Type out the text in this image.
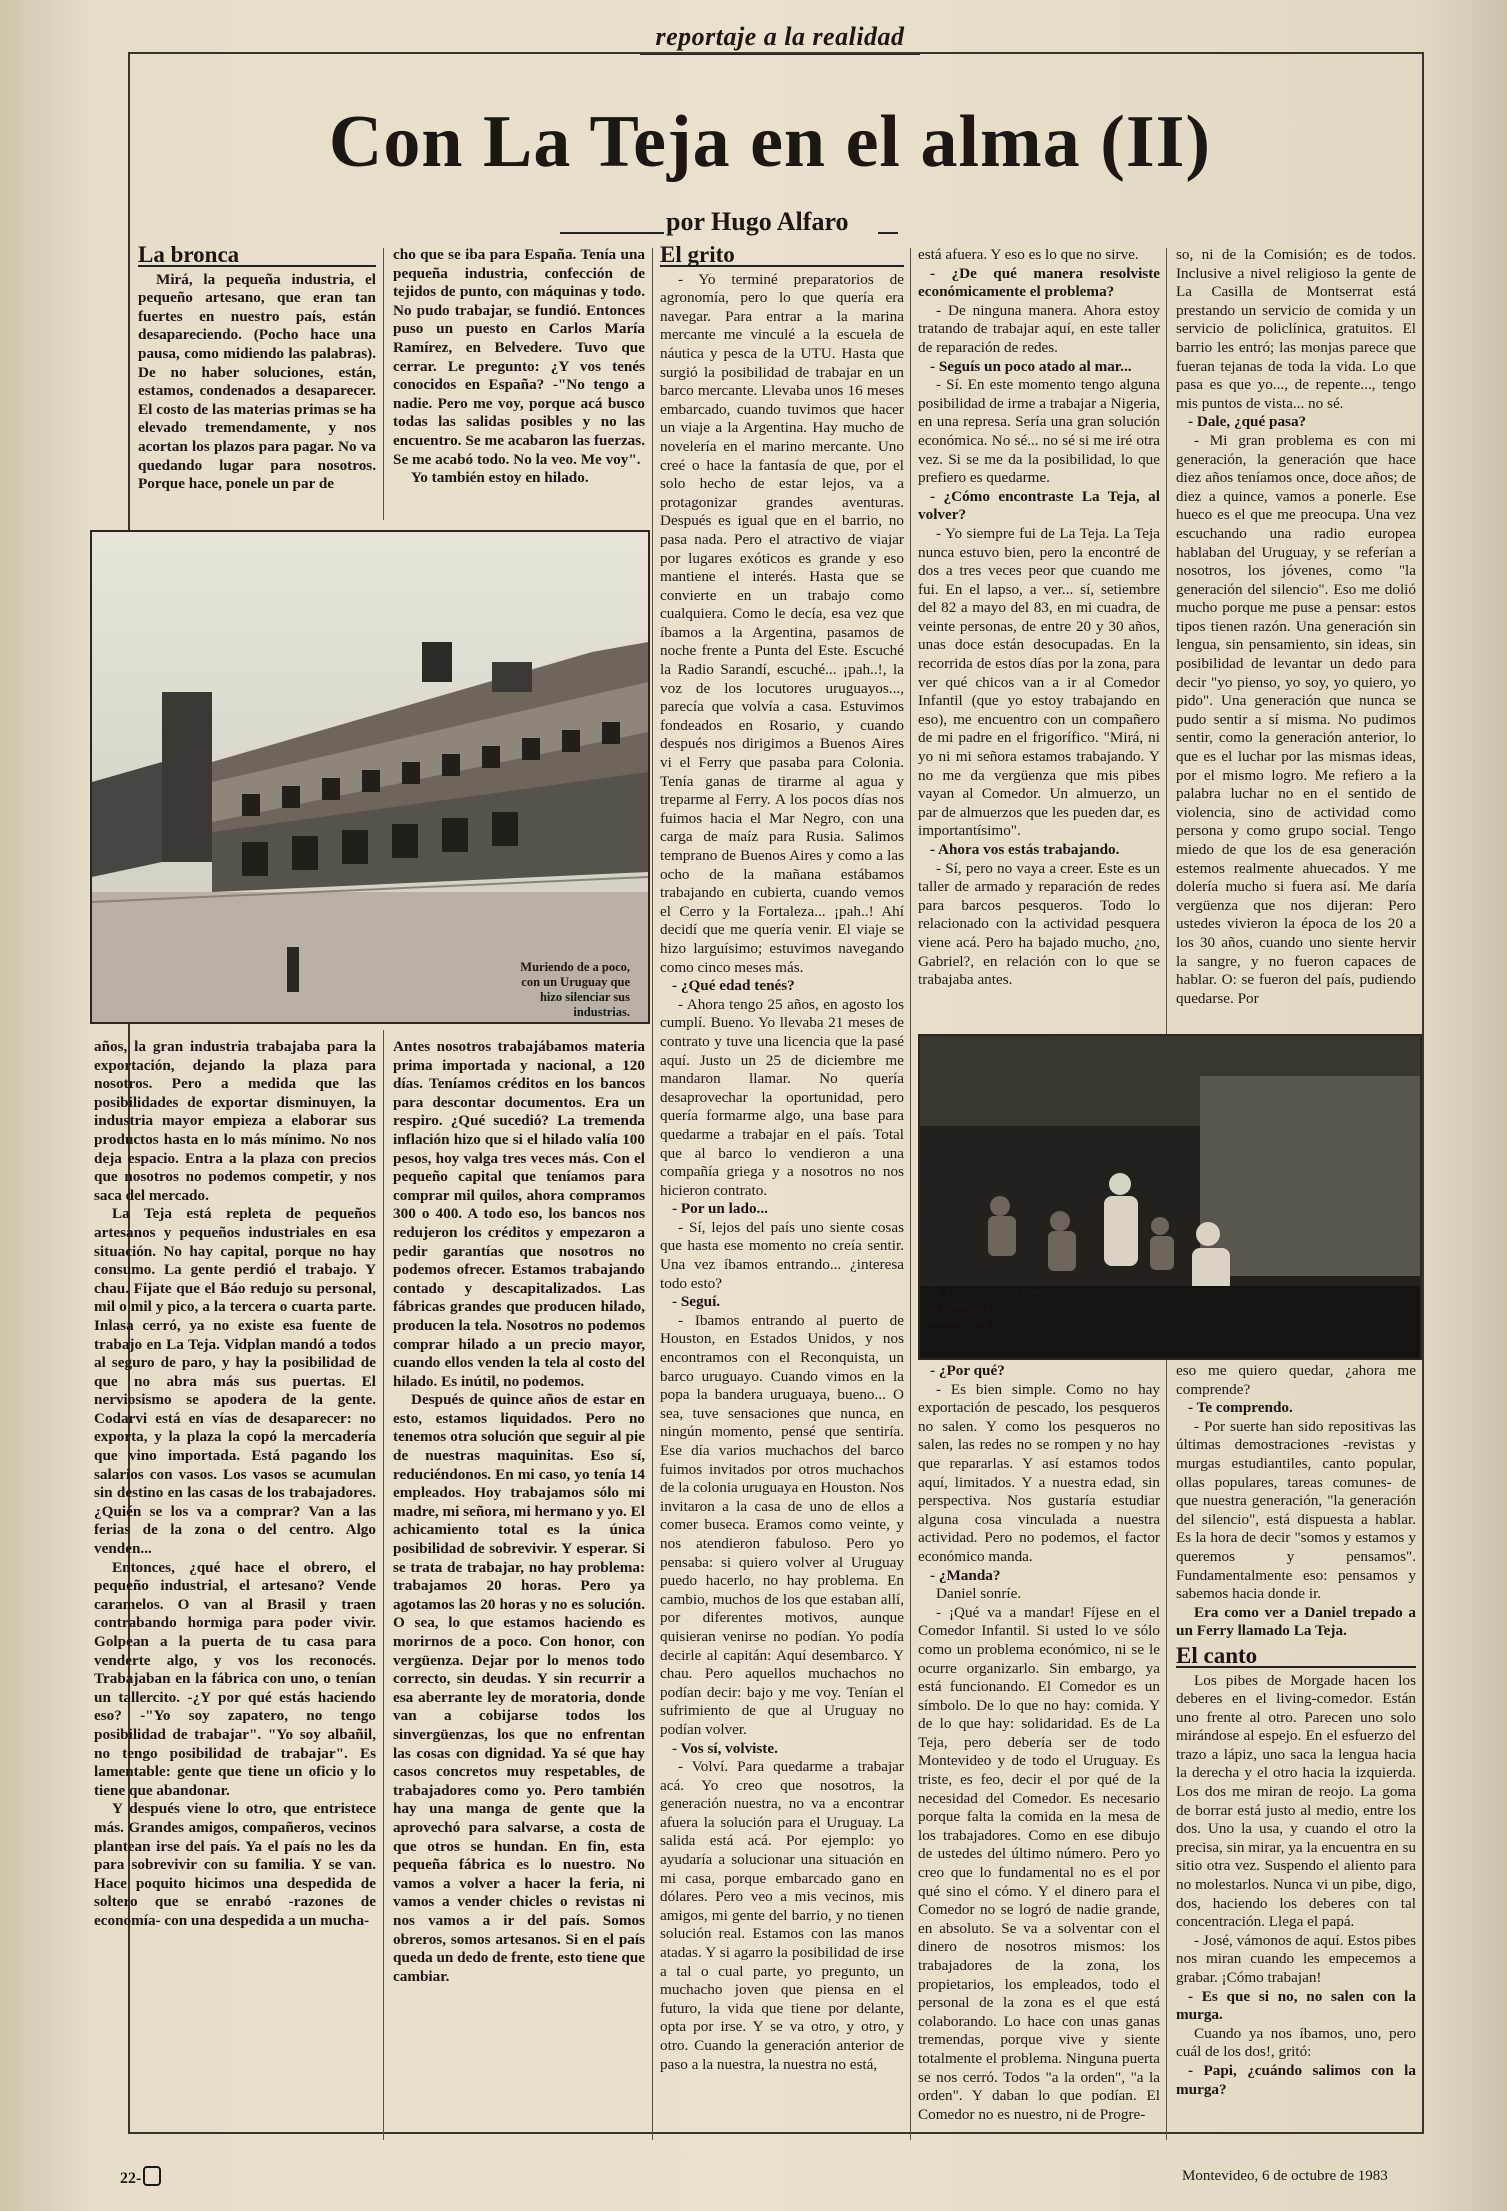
reportaje a la realidad
Con La Teja en el alma (II)
por Hugo Alfaro
La bronca

Mirá, la pequeña industria, el pequeño artesano, que eran tan fuertes en nuestro país, están desapareciendo. (Pocho hace una pausa, como midiendo las palabras). De no haber soluciones, están, estamos, condenados a desaparecer. El costo de las materias primas se ha elevado tremendamente, y nos acortan los plazos para pagar. No va quedando lugar para nosotros. Porque hace, ponele un par de

cho que se iba para España. Tenía una pequeña industria, confección de tejidos de punto, con máquinas y todo. No pudo trabajar, se fundió. Entonces puso un puesto en Carlos María Ramírez, en Belvedere. Tuvo que cerrar. Le pregunto: ¿Y vos tenés conocidos en España? -"No tengo a nadie. Pero me voy, porque acá busco todas las salidas posibles y no las encuentro. Se me acabaron las fuerzas. Se me acabó todo. No la veo. Me voy".

Yo también estoy en hilado.

Muriendo de a poco, con un Uruguay que hizo silenciar sus industrias.
El grito

- Yo terminé preparatorios de agronomía, pero lo que quería era navegar. Para entrar a la marina mercante me vinculé a la escuela de náutica y pesca de la UTU. Hasta que surgió la posibilidad de trabajar en un barco mercante. Llevaba unos 16 meses embarcado, cuando tuvimos que hacer un viaje a la Argentina. Hay mucho de novelería en el marino mercante. Uno creé o hace la fantasía de que, por el solo hecho de estar lejos, va a protagonizar grandes aventuras. Después es igual que en el barrio, no pasa nada. Pero el atractivo de viajar por lugares exóticos es grande y eso mantiene el interés. Hasta que se convierte en un trabajo como cualquiera. Como le decía, esa vez que íbamos a la Argentina, pasamos de noche frente a Punta del Este. Escuché la Radio Sarandí, escuché... ¡pah..!, la voz de los locutores uruguayos..., parecía que volvía a casa. Estuvimos fondeados en Rosario, y cuando después nos dirigimos a Buenos Aires vi el Ferry que pasaba para Colonia. Tenía ganas de tirarme al agua y treparme al Ferry. A los pocos días nos fuimos hacia el Mar Negro, con una carga de maíz para Rusia. Salimos temprano de Buenos Aires y como a las ocho de la mañana estábamos trabajando en cubierta, cuando vemos el Cerro y la Fortaleza... ¡pah..! Ahí decidí que me quería venir. El viaje se hizo larguísimo; estuvimos navegando como cinco meses más.

- ¿Qué edad tenés?

- Ahora tengo 25 años, en agosto los cumplí. Bueno. Yo llevaba 21 meses de contrato y tuve una licencia que la pasé aquí. Justo un 25 de diciembre me mandaron llamar. No quería desaprovechar la oportunidad, pero quería formarme algo, una base para quedarme a trabajar en el país. Total que al barco lo vendieron a una compañía griega y a nosotros no nos hicieron contrato.

- Por un lado...

- Sí, lejos del país uno siente cosas que hasta ese momento no creía sentir. Una vez íbamos entrando... ¿interesa todo esto?

- Seguí.

- Ibamos entrando al puerto de Houston, en Estados Unidos, y nos encontramos con el Reconquista, un barco uruguayo. Cuando vimos en la popa la bandera uruguaya, bueno... O sea, tuve sensaciones que nunca, en ningún momento, pensé que sentiría. Ese día varios muchachos del barco fuimos invitados por otros muchachos de la colonia uruguaya en Houston. Nos invitaron a la casa de uno de ellos a comer buseca. Eramos como veinte, y nos atendieron fabuloso. Pero yo pensaba: si quiero volver al Uruguay puedo hacerlo, no hay problema. En cambio, muchos de los que estaban allí, por diferentes motivos, aunque quisieran venirse no podían. Yo podía decirle al capitán: Aquí desembarco. Y chau. Pero aquellos muchachos no podían decir: bajo y me voy. Tenían el sufrimiento de que al Uruguay no podían volver.

- Vos sí, volviste.

- Volví. Para quedarme a trabajar acá. Yo creo que nosotros, la generación nuestra, no va a encontrar afuera la solución para el Uruguay. La salida está acá. Por ejemplo: yo ayudaría a solucionar una situación en mi casa, porque embarcado gano en dólares. Pero veo a mis vecinos, mis amigos, mi gente del barrio, y no tienen solución real. Estamos con las manos atadas. Y si agarro la posibilidad de irse a tal o cual parte, yo pregunto, un muchacho joven que piensa en el futuro, la vida que tiene por delante, opta por irse. Y se va otro, y otro, y otro. Cuando la generación anterior de paso a la nuestra, la nuestra no está,

está afuera. Y eso es lo que no sirve.

- ¿De qué manera resolviste económicamente el problema?

- De ninguna manera. Ahora estoy tratando de trabajar aquí, en este taller de reparación de redes.

- Seguís un poco atado al mar...

- Sí. En este momento tengo alguna posibilidad de irme a trabajar a Nigeria, en una represa. Sería una gran solución económica. No sé... no sé si me iré otra vez. Si se me da la posibilidad, lo que prefiero es quedarme.

- ¿Cómo encontraste La Teja, al volver?

- Yo siempre fui de La Teja. La Teja nunca estuvo bien, pero la encontré de dos a tres veces peor que cuando me fui. En el lapso, a ver... sí, setiembre del 82 a mayo del 83, en mi cuadra, de veinte personas, de entre 20 y 30 años, unas doce están desocupadas. En la recorrida de estos días por la zona, para ver qué chicos van a ir al Comedor Infantil (que yo estoy trabajando en eso), me encuentro con un compañero de mi padre en el frigorífico. "Mirá, ni yo ni mi señora estamos trabajando. Y no me da vergüenza que mis pibes vayan al Comedor. Un almuerzo, un par de almuerzos que les pueden dar, es importantísimo".

- Ahora vos estás trabajando.

- Sí, pero no vaya a creer. Este es un taller de armado y reparación de redes para barcos pesqueros. Todo lo relacionado con la actividad pesquera viene acá. Pero ha bajado mucho, ¿no, Gabriel?, en relación con lo que se trabajaba antes.

so, ni de la Comisión; es de todos. Inclusive a nivel religioso la gente de La Casilla de Montserrat está prestando un servicio de comida y un servicio de policlínica, gratuitos. El barrio les entró; las monjas parece que fueran tejanas de toda la vida. Lo que pasa es que yo..., de repente..., tengo mis puntos de vista... no sé.

- Dale, ¿qué pasa?

- Mi gran problema es con mi generación, la generación que hace diez años teníamos once, doce años; de diez a quince, vamos a ponerle. Ese hueco es el que me preocupa. Una vez escuchando una radio europea hablaban del Uruguay, y se referían a nosotros, los jóvenes, como "la generación del silencio". Eso me dolió mucho porque me puse a pensar: estos tipos tienen razón. Una generación sin lengua, sin pensamiento, sin ideas, sin posibilidad de levantar un dedo para decir "yo pienso, yo soy, yo quiero, yo pido". Una generación que nunca se pudo sentir a sí misma. No pudimos sentir, como la generación anterior, lo que es el luchar por las mismas ideas, por el mismo logro. Me refiero a la palabra luchar no en el sentido de violencia, sino de actividad como persona y como grupo social. Tengo miedo de que los de esa generación estemos realmente ahuecados. Y me dolería mucho si fuera así. Me daría vergüenza que nos dijeran: Pero ustedes vivieron la época de los 20 a los 30 años, cuando uno siente hervir la sangre, y no fueron capaces de hablar. O: se fueron del país, pudiendo quedarse. Por

Un gesto comunitario de auténtica solidaridad.

años, la gran industria trabajaba para la exportación, dejando la plaza para nosotros. Pero a medida que las posibilidades de exportar disminuyen, la industria mayor empieza a elaborar sus productos hasta en lo más mínimo. No nos deja espacio. Entra a la plaza con precios que nosotros no podemos competir, y nos saca del mercado.

La Teja está repleta de pequeños artesanos y pequeños industriales en esa situación. No hay capital, porque no hay consumo. La gente perdió el trabajo. Y chau. Fijate que el Báo redujo su personal, mil o mil y pico, a la tercera o cuarta parte. Inlasa cerró, ya no existe esa fuente de trabajo en La Teja. Vidplan mandó a todos al seguro de paro, y hay la posibilidad de que no abra más sus puertas. El nerviosismo se apodera de la gente. Codarvi está en vías de desaparecer: no exporta, y la plaza la copó la mercadería que vino importada. Está pagando los salarios con vasos. Los vasos se acumulan sin destino en las casas de los trabajadores. ¿Quién se los va a comprar? Van a las ferias de la zona o del centro. Algo venden...

Entonces, ¿qué hace el obrero, el pequeño industrial, el artesano? Vende caramelos. O van al Brasil y traen contrabando hormiga para poder vivir. Golpean a la puerta de tu casa para venderte algo, y vos los reconocés. Trabajaban en la fábrica con uno, o tenían un tallercito. -¿Y por qué estás haciendo eso? -"Yo soy zapatero, no tengo posibilidad de trabajar". "Yo soy albañil, no tengo posibilidad de trabajar". Es lamentable: gente que tiene un oficio y lo tiene que abandonar.

Y después viene lo otro, que entristece más. Grandes amigos, compañeros, vecinos plantean irse del país. Ya el país no les da para sobrevivir con su familia. Y se van. Hace poquito hicimos una despedida de soltero que se enrabó -razones de economía- con una despedida a un mucha-

Antes nosotros trabajábamos materia prima importada y nacional, a 120 días. Teníamos créditos en los bancos para descontar documentos. Era un respiro. ¿Qué sucedió? La tremenda inflación hizo que si el hilado valía 100 pesos, hoy valga tres veces más. Con el pequeño capital que teníamos para comprar mil quilos, ahora compramos 300 o 400. A todo eso, los bancos nos redujeron los créditos y empezaron a pedir garantías que nosotros no podemos ofrecer. Estamos trabajando contado y descapitalizados. Las fábricas grandes que producen hilado, producen la tela. Nosotros no podemos comprar hilado a un precio mayor, cuando ellos venden la tela al costo del hilado. Es inútil, no podemos.

Después de quince años de estar en esto, estamos liquidados. Pero no tenemos otra solución que seguir al pie de nuestras maquinitas. Eso sí, reduciéndonos. En mi caso, yo tenía 14 empleados. Hoy trabajamos sólo mi madre, mi señora, mi hermano y yo. El achicamiento total es la única posibilidad de sobrevivir. Y esperar. Si se trata de trabajar, no hay problema: trabajamos 20 horas. Pero ya agotamos las 20 horas y no es solución. O sea, lo que estamos haciendo es morirnos de a poco. Con honor, con vergüenza. Dejar por lo menos todo correcto, sin deudas. Y sin recurrir a esa aberrante ley de moratoria, donde van a cobijarse todos los sinvergüenzas, los que no enfrentan las cosas con dignidad. Ya sé que hay casos concretos muy respetables, de trabajadores como yo. Pero también hay una manga de gente que la aprovechó para salvarse, a costa de que otros se hundan. En fin, esta pequeña fábrica es lo nuestro. No vamos a volver a hacer la feria, ni vamos a vender chicles o revistas ni nos vamos a ir del país. Somos obreros, somos artesanos. Si en el país queda un dedo de frente, esto tiene que cambiar.

- ¿Por qué?

- Es bien simple. Como no hay exportación de pescado, los pesqueros no salen. Y como los pesqueros no salen, las redes no se rompen y no hay que repararlas. Y así estamos todos aquí, limitados. Y a nuestra edad, sin perspectiva. Nos gustaría estudiar alguna cosa vinculada a nuestra actividad. Pero no podemos, el factor económico manda.

- ¿Manda?

Daniel sonríe.

- ¡Qué va a mandar! Fíjese en el Comedor Infantil. Si usted lo ve sólo como un problema económico, ni se le ocurre organizarlo. Sin embargo, ya está funcionando. El Comedor es un símbolo. De lo que no hay: comida. Y de lo que hay: solidaridad. Es de La Teja, pero debería ser de todo Montevideo y de todo el Uruguay. Es triste, es feo, decir el por qué de la necesidad del Comedor. Es necesario porque falta la comida en la mesa de los trabajadores. Como en ese dibujo de ustedes del último número. Pero yo creo que lo fundamental no es el por qué sino el cómo. Y el dinero para el Comedor no se logró de nadie grande, en absoluto. Se va a solventar con el dinero de nosotros mismos: los trabajadores de la zona, los propietarios, los empleados, todo el personal de la zona es el que está colaborando. Lo hace con unas ganas tremendas, porque vive y siente totalmente el problema. Ninguna puerta se nos cerró. Todos "a la orden", "a la orden". Y daban lo que podían. El Comedor no es nuestro, ni de Progre-

eso me quiero quedar, ¿ahora me comprende?

- Te comprendo.

- Por suerte han sido repositivas las últimas demostraciones -revistas y murgas estudiantiles, canto popular, ollas populares, tareas comunes- de que nuestra generación, "la generación del silencio", está dispuesta a hablar. Es la hora de decir "somos y estamos y queremos y pensamos". Fundamentalmente eso: pensamos y sabemos hacia donde ir.

Era como ver a Daniel trepado a un Ferry llamado La Teja.

El canto

Los pibes de Morgade hacen los deberes en el living-comedor. Están uno frente al otro. Parecen uno solo mirándose al espejo. En el esfuerzo del trazo a lápiz, uno saca la lengua hacia la derecha y el otro hacia la izquierda. Los dos me miran de reojo. La goma de borrar está justo al medio, entre los dos. Uno la usa, y cuando el otro la precisa, sin mirar, ya la encuentra en su sitio otra vez. Suspendo el aliento para no molestarlos. Nunca vi un pibe, digo, dos, haciendo los deberes con tal concentración. Llega el papá.

- José, vámonos de aquí. Estos pibes nos miran cuando les empecemos a grabar. ¡Cómo trabajan!

- Es que si no, no salen con la murga.

Cuando ya nos íbamos, uno, pero cuál de los dos!, gritó:

- Papi, ¿cuándo salimos con la murga?

22-	Montevideo, 6 de octubre de 1983
